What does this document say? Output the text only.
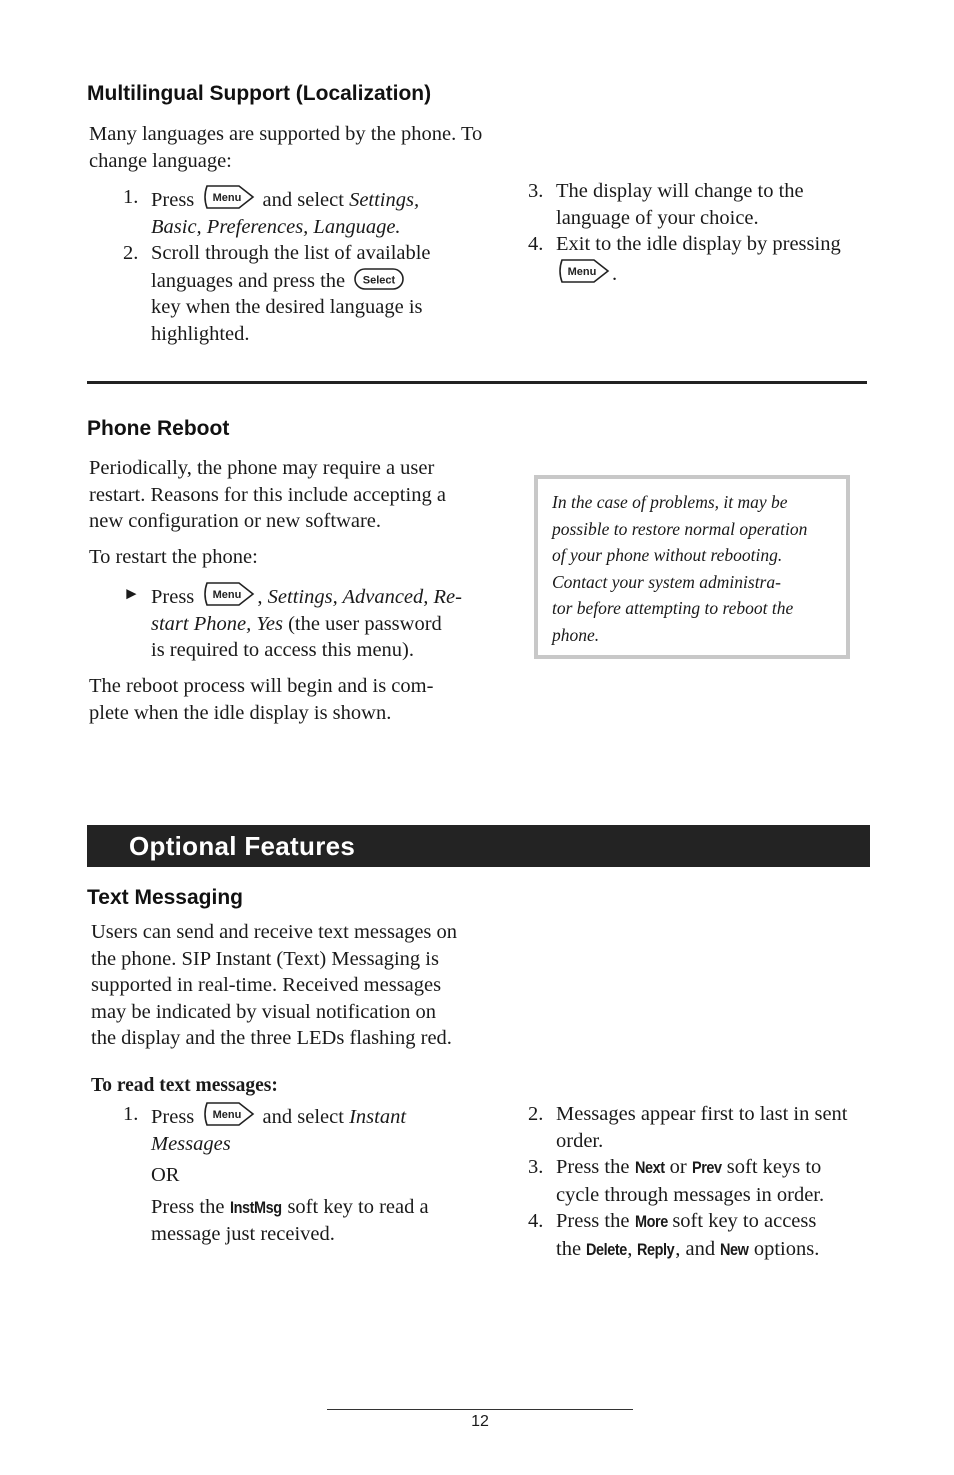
Multilingual Support (Localization)

Many languages are supported by the phone. To

change language:

1. Press Menu and select Settings,
Basic, Preferences, Language.
2. Scroll through the list of available
languages and press the Select

key when the desired language is
highlighted.
3. The display will change to the
language of your choice.
4. Exit to the idle display by pressing

Menu .
Phone Reboot

Periodically, the phone may require a user

restart. Reasons for this include accepting a

new configuration or new software.

To restart the phone:
► Press Menu , Settings, Advanced, Re-
start Phone, Yes (the user password
is required to access this menu).

The reboot process will begin and is com-

plete when the idle display is shown.

In the case of problems, it may be

possible to restore normal operation

of your phone without rebooting.

Contact your system administra-

tor before attempting to reboot the

phone.

Optional Features
Text Messaging

Users can send and receive text messages on

the phone. SIP Instant (Text) Messaging is

supported in real-time. Received messages

may be indicated by visual notification on

the display and the three LEDs flashing red.

To read text messages:
1. Press Menu and select Instant
Messages

OR

Press the InstMsg soft key to read a

message just received.

2. Messages appear first to last in sent
order.
3. Press the Next or Prev soft keys to
cycle through messages in order.
4. Press the More soft key to access
the Delete, Reply, and New options.
12
